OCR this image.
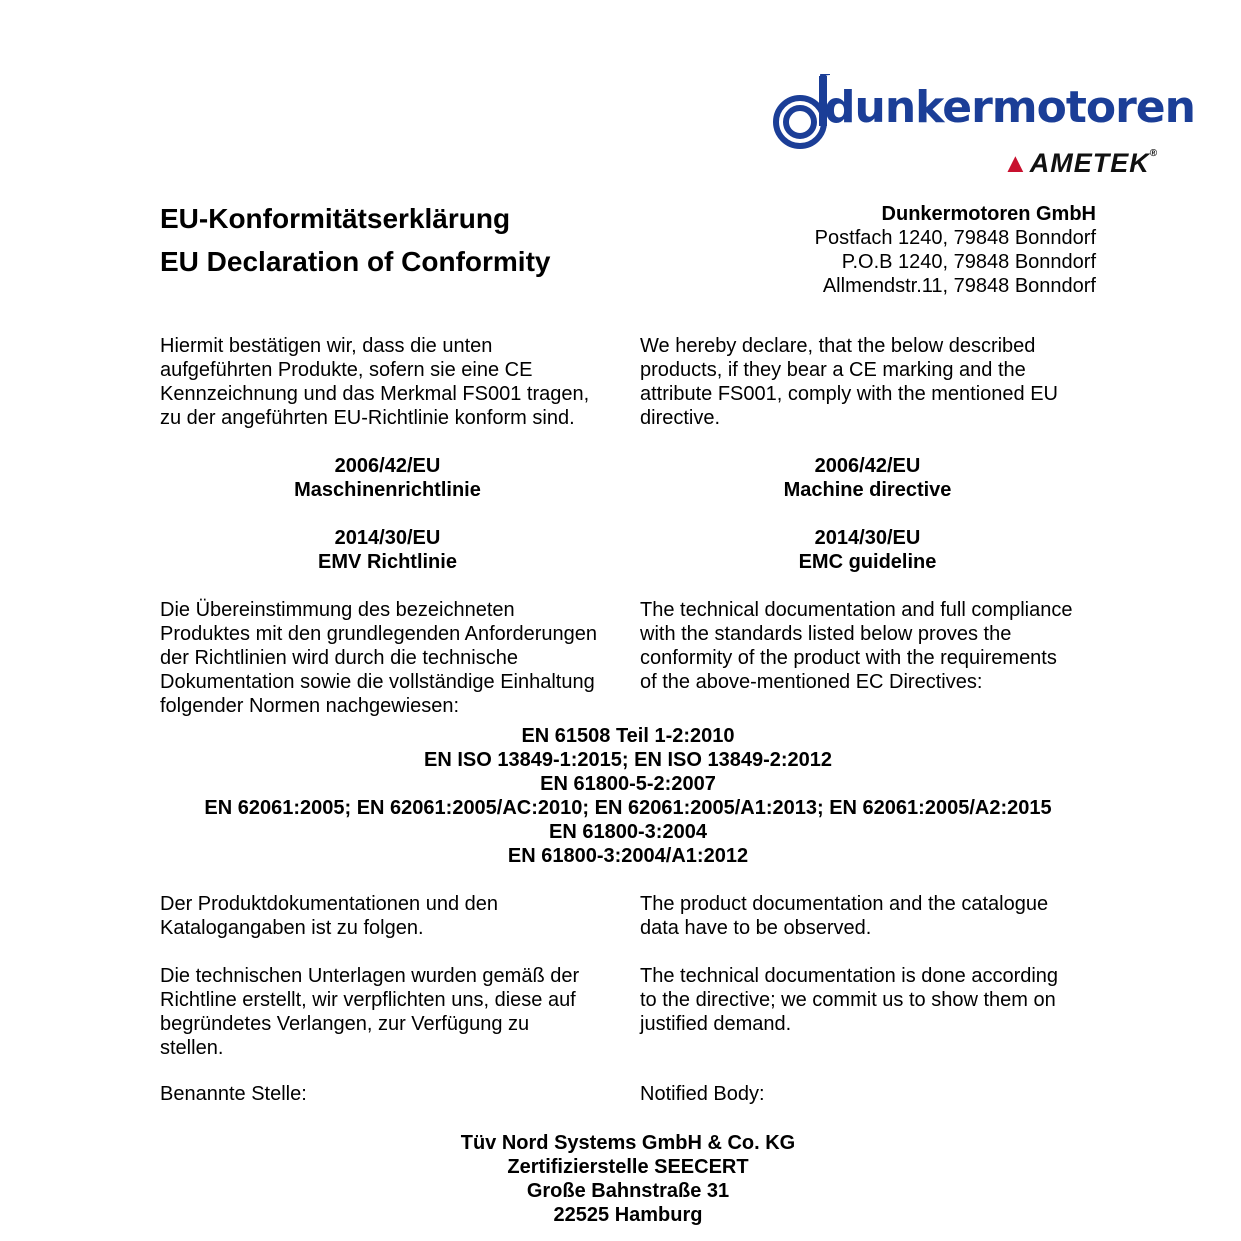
dunkermotoren
▲AMETEK®
EU-Konformitätserklärung
EU Declaration of Conformity
Dunkermotoren GmbH
Postfach 1240, 79848 Bonndorf
P.O.B 1240, 79848 Bonndorf
Allmendstr.11, 79848 Bonndorf
Hiermit bestätigen wir, dass die unten
aufgeführten Produkte, sofern sie eine CE
Kennzeichnung und das Merkmal FS001 tragen,
zu der angeführten EU-Richtlinie konform sind.
We hereby declare, that the below described
products, if they bear a CE marking and the
attribute FS001, comply with the mentioned EU
directive.
2006/42/EU
Maschinenrichtlinie
2006/42/EU
Machine directive
2014/30/EU
EMV Richtlinie
2014/30/EU
EMC guideline
Die Übereinstimmung des bezeichneten
Produktes mit den grundlegenden Anforderungen
der Richtlinien wird durch die technische
Dokumentation sowie die vollständige Einhaltung
folgender Normen nachgewiesen:
The technical documentation and full compliance
with the standards listed below proves the
conformity of the product with the requirements
of the above-mentioned EC Directives:
EN 61508 Teil 1-2:2010
EN ISO 13849-1:2015; EN ISO 13849-2:2012
EN 61800-5-2:2007
EN 62061:2005; EN 62061:2005/AC:2010; EN 62061:2005/A1:2013; EN 62061:2005/A2:2015
EN 61800-3:2004
EN 61800-3:2004/A1:2012
Der Produktdokumentationen und den
Katalogangaben ist zu folgen.
The product documentation and the catalogue
data have to be observed.
Die technischen Unterlagen wurden gemäß der
Richtline erstellt, wir verpflichten uns, diese auf
begründetes Verlangen, zur Verfügung zu
stellen.
The technical documentation is done according
to the directive; we commit us to show them on
justified demand.
Benannte Stelle:	Notified Body:
Tüv Nord Systems GmbH & Co. KG
Zertifizierstelle SEECERT
Große Bahnstraße 31
22525 Hamburg
